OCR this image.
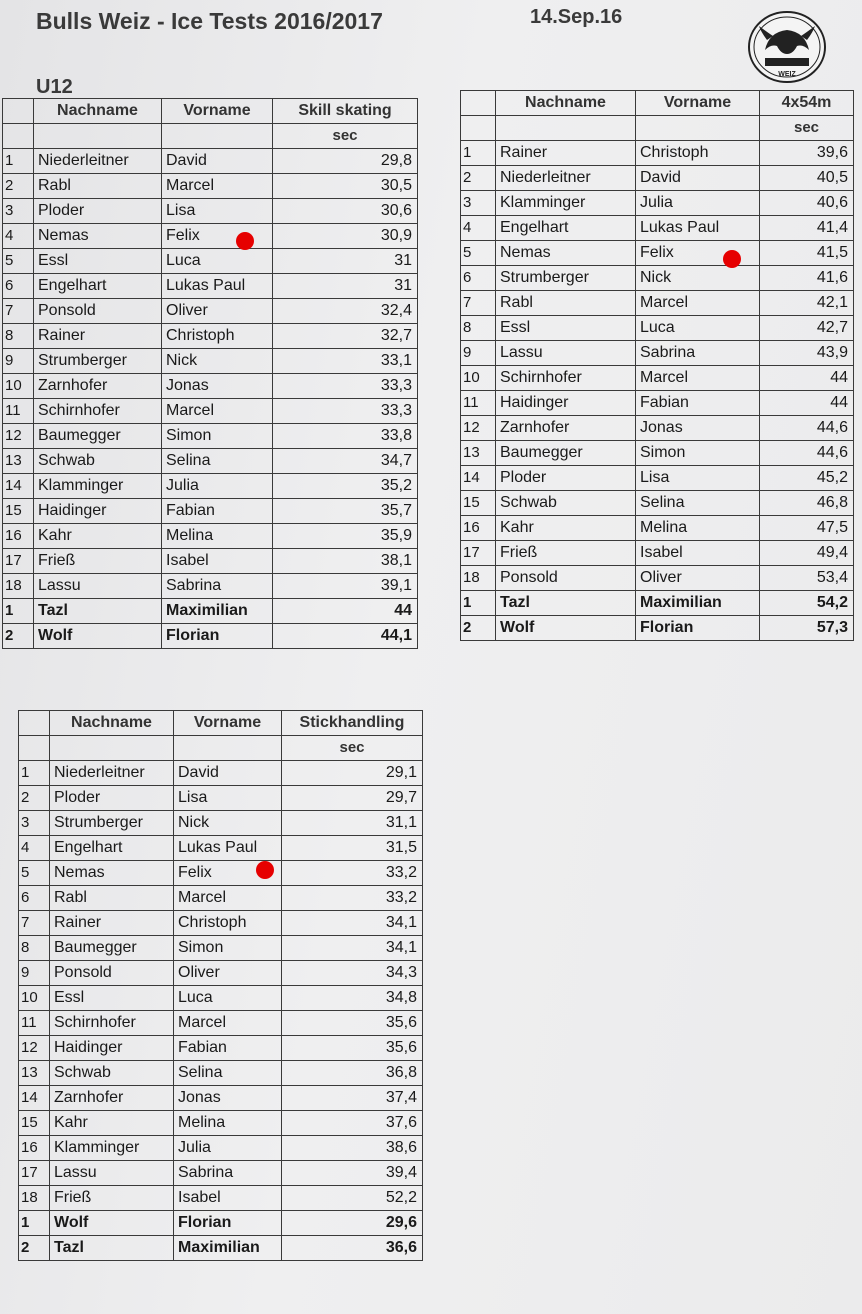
Bulls Weiz - Ice Tests 2016/2017	14.Sep.16
U12
WEIZ
	Nachname	Vorname	Skill skating
			sec
1	Niederleitner	David	29,8
2	Rabl	Marcel	30,5
3	Ploder	Lisa	30,6
4	Nemas	Felix	30,9
5	Essl	Luca	31
6	Engelhart	Lukas Paul	31
7	Ponsold	Oliver	32,4
8	Rainer	Christoph	32,7
9	Strumberger	Nick	33,1
10	Zarnhofer	Jonas	33,3
11	Schirnhofer	Marcel	33,3
12	Baumegger	Simon	33,8
13	Schwab	Selina	34,7
14	Klamminger	Julia	35,2
15	Haidinger	Fabian	35,7
16	Kahr	Melina	35,9
17	Frieß	Isabel	38,1
18	Lassu	Sabrina	39,1
1	Tazl	Maximilian	44
2	Wolf	Florian	44,1
	Nachname	Vorname	4x54m
			sec
1	Rainer	Christoph	39,6
2	Niederleitner	David	40,5
3	Klamminger	Julia	40,6
4	Engelhart	Lukas Paul	41,4
5	Nemas	Felix	41,5
6	Strumberger	Nick	41,6
7	Rabl	Marcel	42,1
8	Essl	Luca	42,7
9	Lassu	Sabrina	43,9
10	Schirnhofer	Marcel	44
11	Haidinger	Fabian	44
12	Zarnhofer	Jonas	44,6
13	Baumegger	Simon	44,6
14	Ploder	Lisa	45,2
15	Schwab	Selina	46,8
16	Kahr	Melina	47,5
17	Frieß	Isabel	49,4
18	Ponsold	Oliver	53,4
1	Tazl	Maximilian	54,2
2	Wolf	Florian	57,3
	Nachname	Vorname	Stickhandling
			sec
1	Niederleitner	David	29,1
2	Ploder	Lisa	29,7
3	Strumberger	Nick	31,1
4	Engelhart	Lukas Paul	31,5
5	Nemas	Felix	33,2
6	Rabl	Marcel	33,2
7	Rainer	Christoph	34,1
8	Baumegger	Simon	34,1
9	Ponsold	Oliver	34,3
10	Essl	Luca	34,8
11	Schirnhofer	Marcel	35,6
12	Haidinger	Fabian	35,6
13	Schwab	Selina	36,8
14	Zarnhofer	Jonas	37,4
15	Kahr	Melina	37,6
16	Klamminger	Julia	38,6
17	Lassu	Sabrina	39,4
18	Frieß	Isabel	52,2
1	Wolf	Florian	29,6
2	Tazl	Maximilian	36,6
